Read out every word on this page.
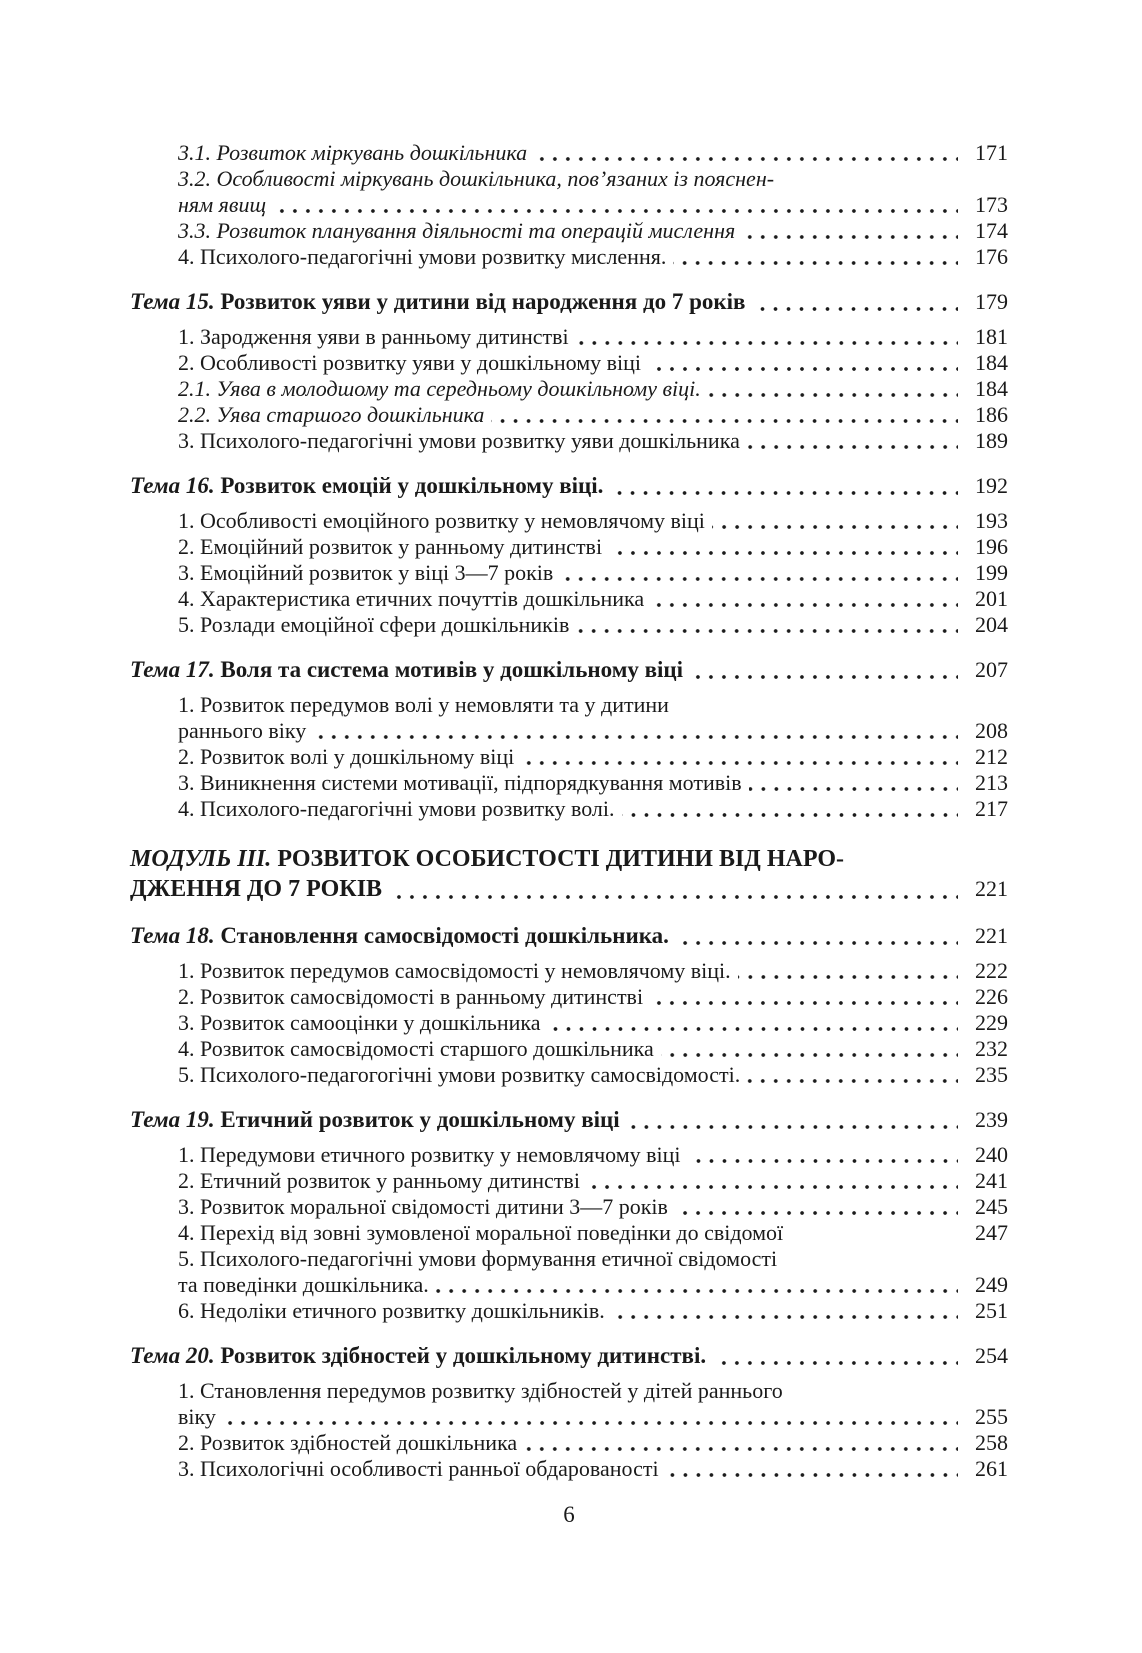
3.1. Розвиток міркувань дошкільника	171
3.2. Особливості міркувань дошкільника, пов’язаних із пояснен-
ням явищ	173
3.3. Розвиток планування діяльності та операцій мислення	174
4. Психолого-педагогічні умови розвитку мислення.	176
Тема 15. Розвиток уяви у дитини від народження до 7 років	179
1. Зародження уяви в ранньому дитинстві	181
2. Особливості розвитку уяви у дошкільному віці	184
2.1. Уява в молодшому та середньому дошкільному віці.	184
2.2. Уява старшого дошкільника	186
3. Психолого-педагогічні умови розвитку уяви дошкільника	189
Тема 16. Розвиток емоцій у дошкільному віці.	192
1. Особливості емоційного розвитку у немовлячому віці	193
2. Емоційний розвиток у ранньому дитинстві	196
3. Емоційний розвиток у віці 3—7 років	199
4. Характеристика етичних почуттів дошкільника	201
5. Розлади емоційної сфери дошкільників	204
Тема 17. Воля та система мотивів у дошкільному віці	207
1. Розвиток передумов волі у немовляти та у дитини
раннього віку	208
2. Розвиток волі у дошкільному віці	212
3. Виникнення системи мотивації, підпорядкування мотивів	213
4. Психолого-педагогічні умови розвитку волі.	217
МОДУЛЬ ІІІ. РОЗВИТОК ОСОБИСТОСТІ ДИТИНИ ВІД НАРО-
ДЖЕННЯ ДО 7 РОКІВ	221
Тема 18. Становлення самосвідомості дошкільника.	221
1. Розвиток передумов самосвідомості у немовлячому віці.	222
2. Розвиток самосвідомості в ранньому дитинстві	226
3. Розвиток самооцінки у дошкільника	229
4. Розвиток самосвідомості старшого дошкільника	232
5. Психолого-педагогогічні умови розвитку самосвідомості.	235
Тема 19. Етичний розвиток у дошкільному віці	239
1. Передумови етичного розвитку у немовлячому віці	240
2. Етичний розвиток у ранньому дитинстві	241
3. Розвиток моральної свідомості дитини 3—7 років	245
4. Перехід від зовні зумовленої моральної поведінки до свідомої	247
5. Психолого-педагогічні умови формування етичної свідомості
та поведінки дошкільника.	249
6. Недоліки етичного розвитку дошкільників.	251
Тема 20. Розвиток здібностей у дошкільному дитинстві.	254
1. Становлення передумов розвитку здібностей у дітей раннього
віку	255
2. Розвиток здібностей дошкільника	258
3. Психологічні особливості ранньої обдарованості	261
6
